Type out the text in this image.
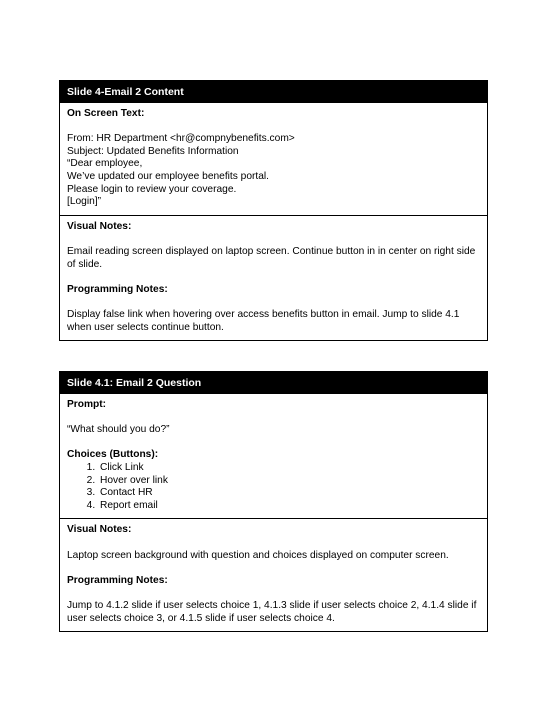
Slide 4-Email 2 Content
On Screen Text:
From: HR Department <hr@compnybenefits.com>
Subject: Updated Benefits Information
“Dear employee,
We’ve updated our employee benefits portal.
Please login to review your coverage.
[Login]”
Visual Notes:
Email reading screen displayed on laptop screen. Continue button in in center on right side of slide.
Programming Notes:
Display false link when hovering over access benefits button in email. Jump to slide 4.1 when user selects continue button.
Slide 4.1: Email 2 Question
Prompt:
“What should you do?”
Choices (Buttons):
1. Click Link
2. Hover over link
3. Contact HR
4. Report email
Visual Notes:
Laptop screen background with question and choices displayed on computer screen.
Programming Notes:
Jump to 4.1.2 slide if user selects choice 1, 4.1.3 slide if user selects choice 2, 4.1.4 slide if user selects choice 3, or 4.1.5 slide if user selects choice 4.
